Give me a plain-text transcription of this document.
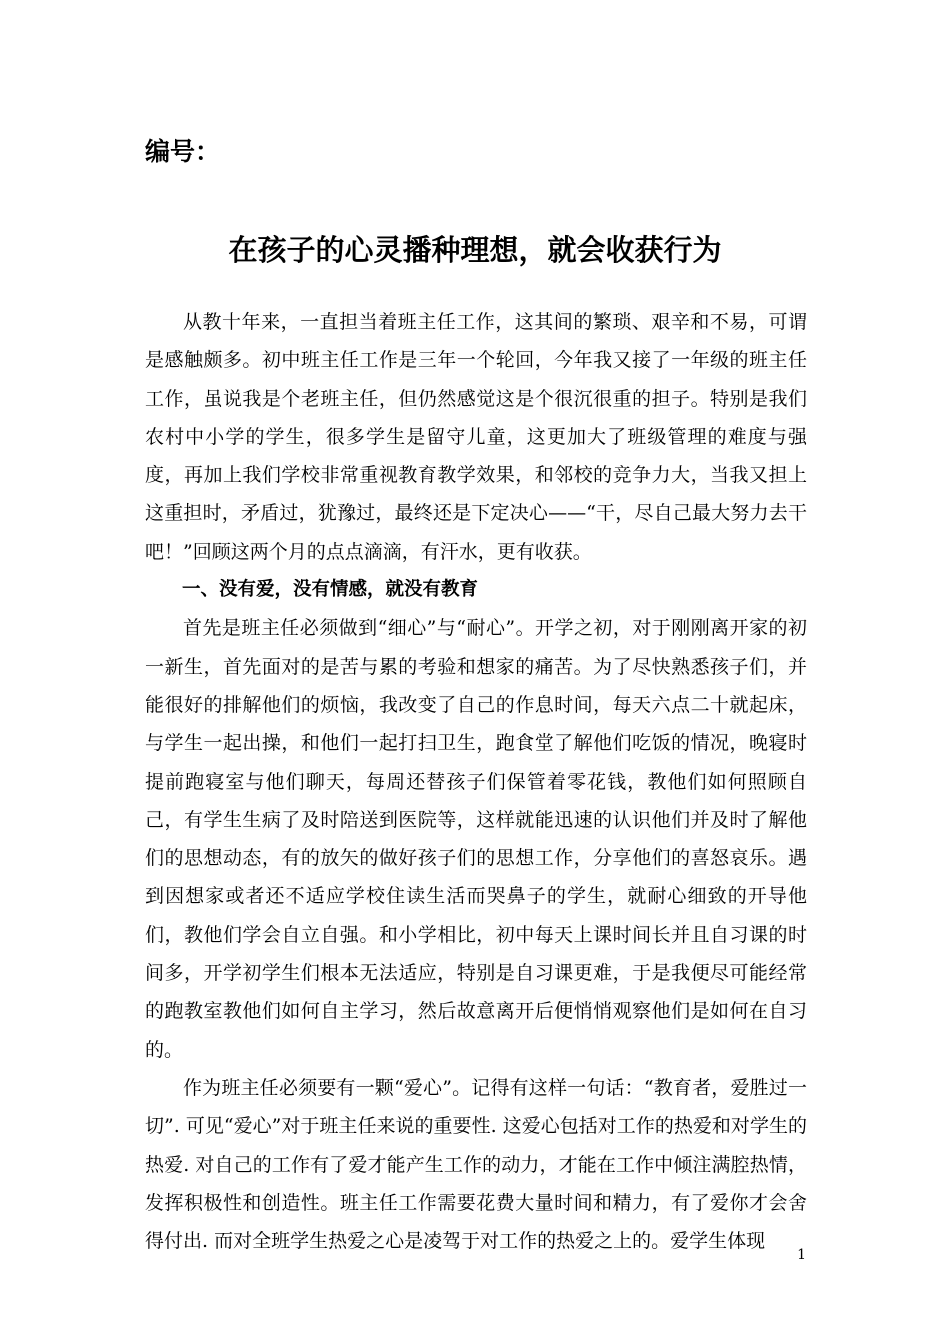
编号：
在孩子的心灵播种理想，就会收获行为

从教十年来，一直担当着班主任工作，这其间的繁琐、艰辛和不易，可谓是感触颇多。初中班主任工作是三年一个轮回，今年我又接了一年级的班主任工作，虽说我是个老班主任，但仍然感觉这是个很沉很重的担子。特别是我们农村中小学的学生，很多学生是留守儿童，这更加大了班级管理的难度与强度，再加上我们学校非常重视教育教学效果，和邻校的竞争力大，当我又担上这重担时，矛盾过，犹豫过，最终还是下定决心——“干，尽自己最大努力去干吧！”回顾这两个月的点点滴滴，有汗水，更有收获。

一、没有爱，没有情感，就没有教育

首先是班主任必须做到“细心”与“耐心”。开学之初，对于刚刚离开家的初一新生，首先面对的是苦与累的考验和想家的痛苦。为了尽快熟悉孩子们，并能很好的排解他们的烦恼，我改变了自己的作息时间，每天六点二十就起床，与学生一起出操，和他们一起打扫卫生，跑食堂了解他们吃饭的情况，晚寝时提前跑寝室与他们聊天，每周还替孩子们保管着零花钱，教他们如何照顾自己，有学生生病了及时陪送到医院等，这样就能迅速的认识他们并及时了解他们的思想动态，有的放矢的做好孩子们的思想工作，分享他们的喜怒哀乐。遇到因想家或者还不适应学校住读生活而哭鼻子的学生，就耐心细致的开导他们，教他们学会自立自强。和小学相比，初中每天上课时间长并且自习课的时间多，开学初学生们根本无法适应，特别是自习课更难，于是我便尽可能经常的跑教室教他们如何自主学习，然后故意离开后便悄悄观察他们是如何在自习的。

作为班主任必须要有一颗“爱心”。记得有这样一句话：“教育者，爱胜过一切”. 可见“爱心”对于班主任来说的重要性. 这爱心包括对工作的热爱和对学生的热爱. 对自己的工作有了爱才能产生工作的动力，才能在工作中倾注满腔热情，发挥积极性和创造性。班主任工作需要花费大量时间和精力，有了爱你才会舍得付出. 而对全班学生热爱之心是凌驾于对工作的热爱之上的。爱学生体现

1
